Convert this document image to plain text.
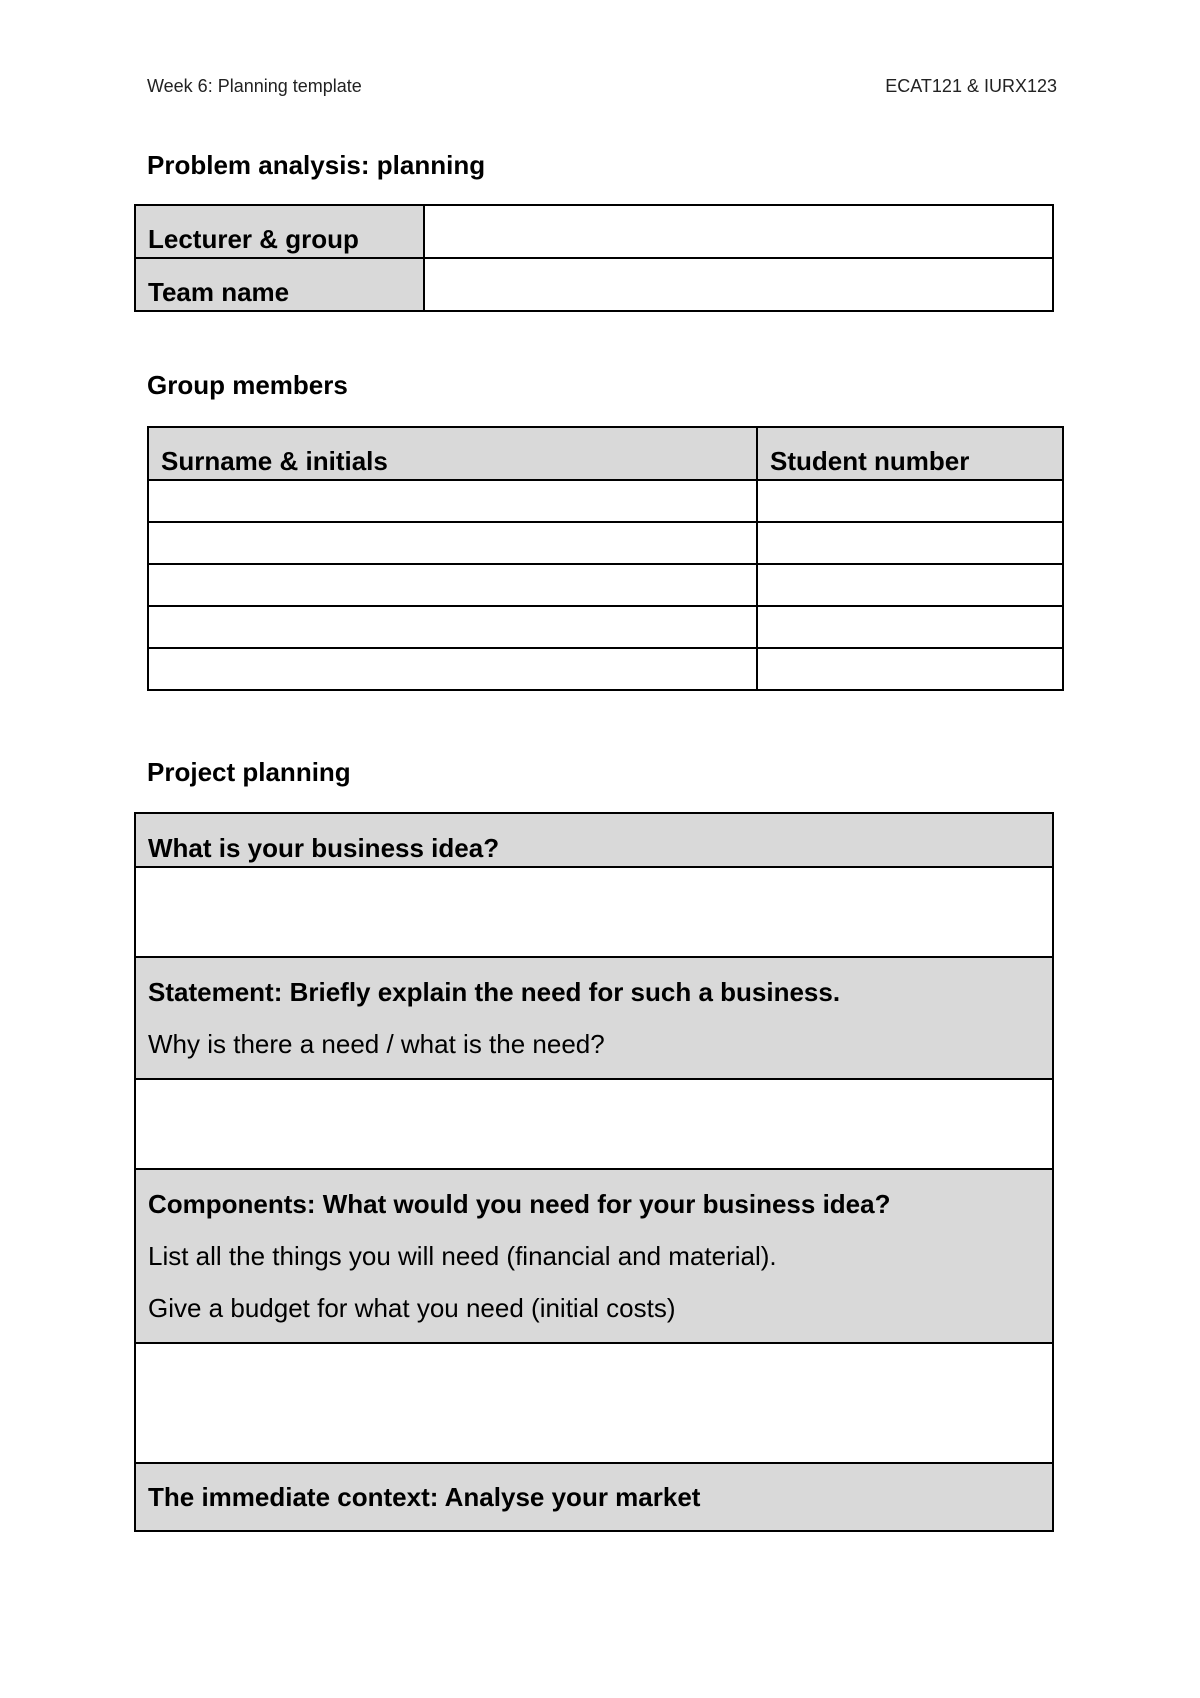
Week 6: Planning template	ECAT121 & IURX123
Problem analysis: planning
Lecturer & group	
Team name	
Group members
Surname & initials	Student number

Project planning
What is your business idea?

Statement: Briefly explain the need for such a business.
Why is there a need / what is the need?

Components: What would you need for your business idea?
List all the things you will need (financial and material).
Give a budget for what you need (initial costs)

The immediate context: Analyse your market
